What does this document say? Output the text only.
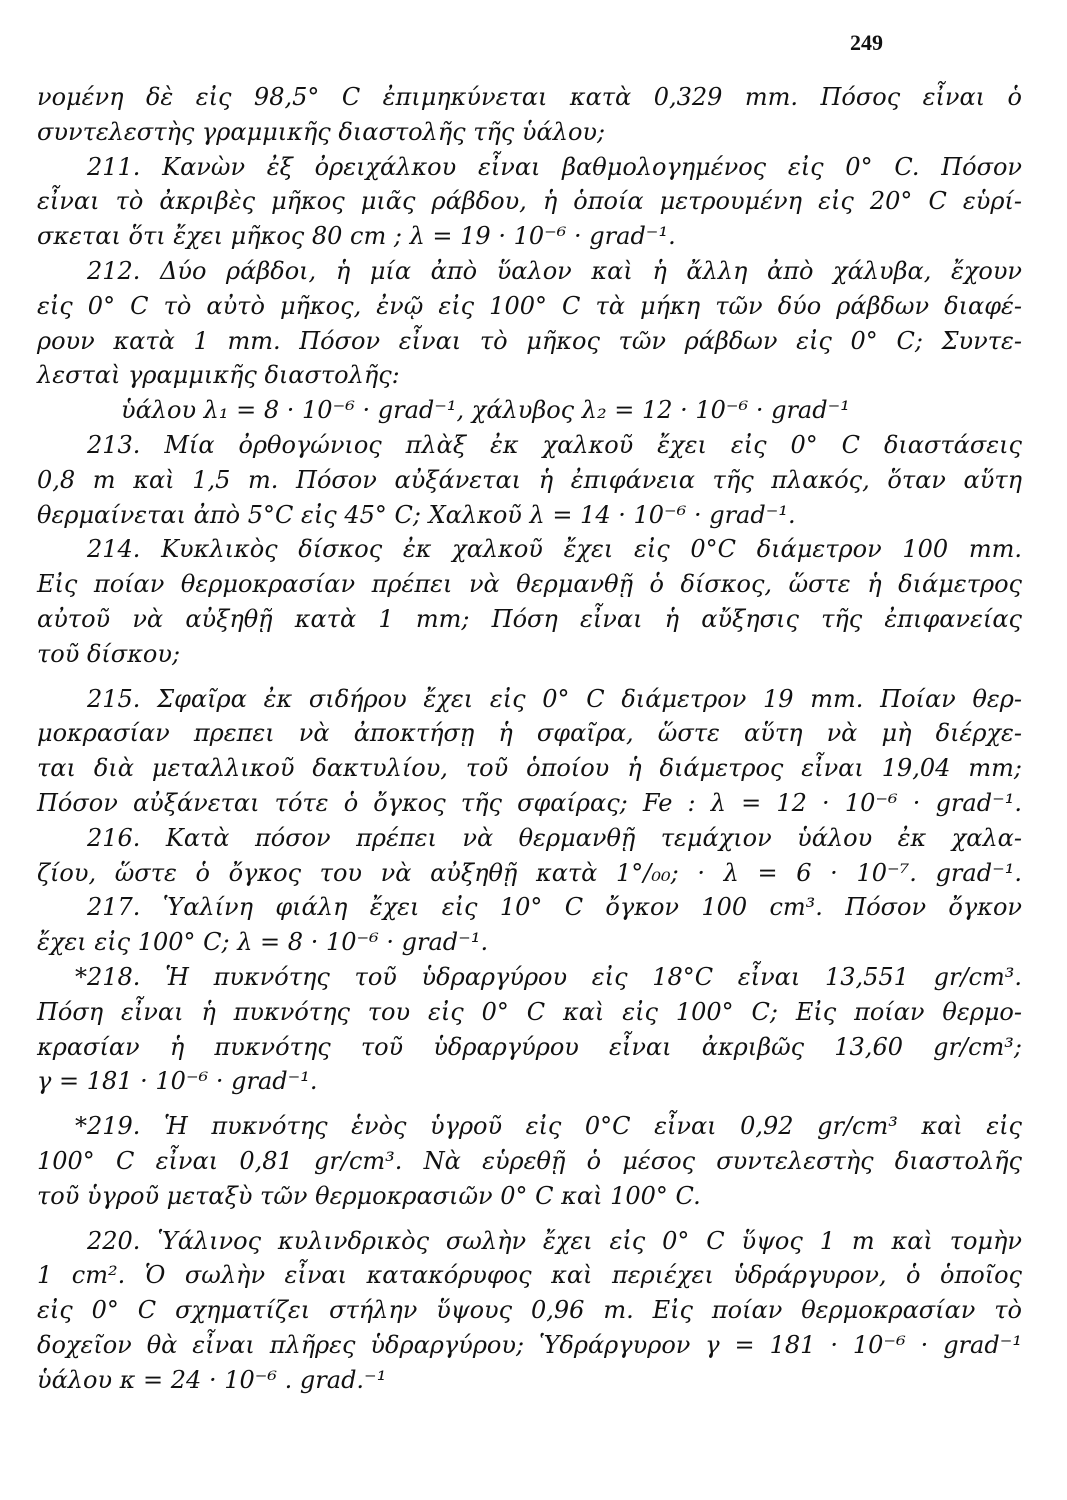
249
νομένη δὲ εἰς 98,5° C ἐπιμηκύνεται κατὰ 0,329 mm. Πόσος εἶναι ὁ
συντελεστὴς γραμμικῆς διαστολῆς τῆς ὑάλου;
211. Κανὼν ἐξ ὀρειχάλκου εἶναι βαθμολογημένος εἰς 0° C. Πόσον
εἶναι τὸ ἀκριβὲς μῆκος μιᾶς ράβδου, ἡ ὁποία μετρουμένη εἰς 20° C εὑρί-
σκεται ὅτι ἔχει μῆκος 80 cm ; λ = 19 · 10⁻⁶ · grad⁻¹.
212. Δύο ράβδοι, ἡ μία ἀπὸ ὕαλον καὶ ἡ ἄλλη ἀπὸ χάλυβα, ἔχουν
εἰς 0° C τὸ αὐτὸ μῆκος, ἐνῷ εἰς 100° C τὰ μήκη τῶν δύο ράβδων διαφέ-
ρουν κατὰ 1 mm. Πόσον εἶναι τὸ μῆκος τῶν ράβδων εἰς 0° C; Συντε-
λεσταὶ γραμμικῆς διαστολῆς:
ὑάλου λ₁ = 8 · 10⁻⁶ · grad⁻¹, χάλυβος λ₂ = 12 · 10⁻⁶ · grad⁻¹
213. Μία ὀρθογώνιος πλὰξ ἐκ χαλκοῦ ἔχει εἰς 0° C διαστάσεις
0,8 m καὶ 1,5 m. Πόσον αὐξάνεται ἡ ἐπιφάνεια τῆς πλακός, ὅταν αὕτη
θερμαίνεται ἀπὸ 5°C εἰς 45° C; Χαλκοῦ λ = 14 · 10⁻⁶ · grad⁻¹.
214. Κυκλικὸς δίσκος ἐκ χαλκοῦ ἔχει εἰς 0°C διάμετρον 100 mm.
Εἰς ποίαν θερμοκρασίαν πρέπει νὰ θερμανθῇ ὁ δίσκος, ὥστε ἡ διάμετρος
αὐτοῦ νὰ αὐξηθῇ κατὰ 1 mm; Πόση εἶναι ἡ αὔξησις τῆς ἐπιφανείας
τοῦ δίσκου;
215. Σφαῖρα ἐκ σιδήρου ἔχει εἰς 0° C διάμετρον 19 mm. Ποίαν θερ-
μοκρασίαν πρεπει νὰ ἀποκτήσῃ ἡ σφαῖρα, ὥστε αὕτη νὰ μὴ διέρχε-
ται διὰ μεταλλικοῦ δακτυλίου, τοῦ ὁποίου ἡ διάμετρος εἶναι 19,04 mm;
Πόσον αὐξάνεται τότε ὁ ὄγκος τῆς σφαίρας; Fe : λ = 12 · 10⁻⁶ · grad⁻¹.
216. Κατὰ πόσον πρέπει νὰ θερμανθῇ τεμάχιον ὑάλου ἐκ χαλα-
ζίου, ὥστε ὁ ὄγκος του νὰ αὐξηθῇ κατὰ 1°/₀₀; · λ = 6 · 10⁻⁷. grad⁻¹.
217. Ὑαλίνη φιάλη ἔχει εἰς 10° C ὄγκον 100 cm³. Πόσον ὄγκον
ἔχει εἰς 100° C; λ = 8 · 10⁻⁶ · grad⁻¹.
*218. Ἡ πυκνότης τοῦ ὑδραργύρου εἰς 18°C εἶναι 13,551 gr/cm³.
Πόση εἶναι ἡ πυκνότης του εἰς 0° C καὶ εἰς 100° C; Εἰς ποίαν θερμο-
κρασίαν ἡ πυκνότης τοῦ ὑδραργύρου εἶναι ἀκριβῶς 13,60 gr/cm³;
γ = 181 · 10⁻⁶ · grad⁻¹.
*219. Ἡ πυκνότης ἑνὸς ὑγροῦ εἰς 0°C εἶναι 0,92 gr/cm³ καὶ εἰς
100° C εἶναι 0,81 gr/cm³. Νὰ εὑρεθῇ ὁ μέσος συντελεστὴς διαστολῆς
τοῦ ὑγροῦ μεταξὺ τῶν θερμοκρασιῶν 0° C καὶ 100° C.
220. Ὑάλινος κυλινδρικὸς σωλὴν ἔχει εἰς 0° C ὕψος 1 m καὶ τομὴν
1 cm². Ὁ σωλὴν εἶναι κατακόρυφος καὶ περιέχει ὑδράργυρον, ὁ ὁποῖος
εἰς 0° C σχηματίζει στήλην ὕψους 0,96 m. Εἰς ποίαν θερμοκρασίαν τὸ
δοχεῖον θὰ εἶναι πλῆρες ὑδραργύρου; Ὑδράργυρον γ = 181 · 10⁻⁶ · grad⁻¹
ὑάλου κ = 24 · 10⁻⁶ . grad.⁻¹
